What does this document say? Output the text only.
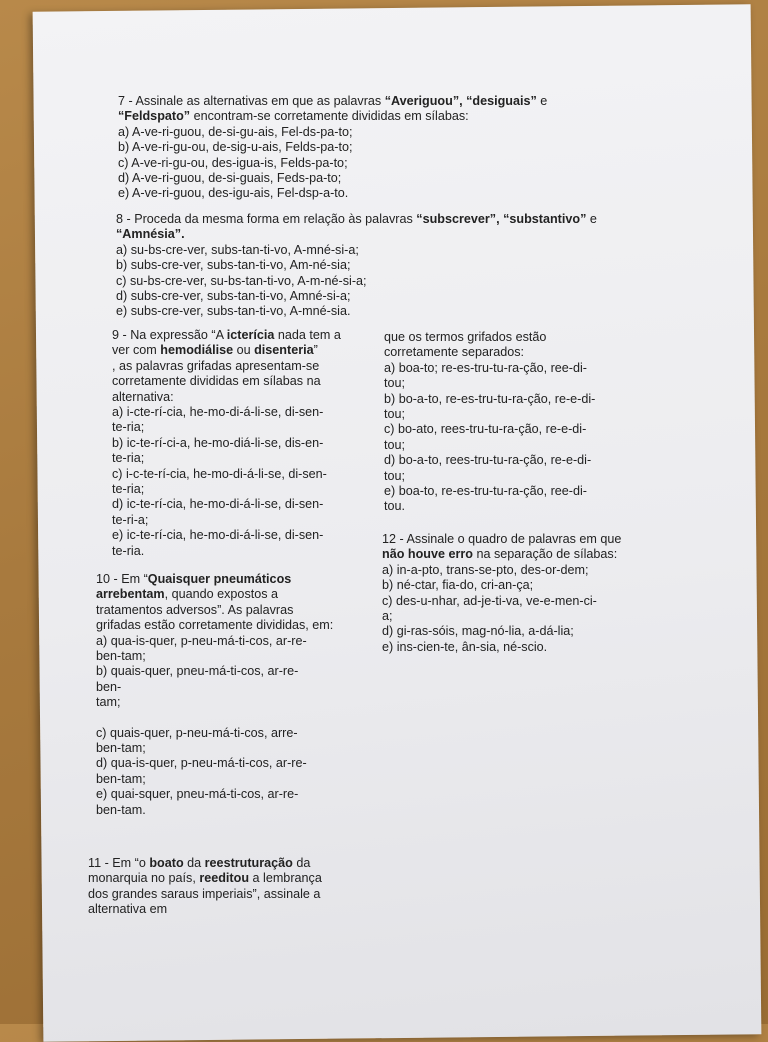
7 - Assinale as alternativas em que as palavras “Averiguou”, “desiguais” e “Feldspato” encontram-se corretamente divididas em sílabas:

a) A-ve-ri-guou, de-si-gu-ais, Fel-ds-pa-to;

b) A-ve-ri-gu-ou, de-sig-u-ais, Felds-pa-to;

c) A-ve-ri-gu-ou, des-igua-is, Felds-pa-to;

d) A-ve-ri-guou, de-si-guais, Feds-pa-to;

e) A-ve-ri-guou, des-igu-ais, Fel-dsp-a-to.

8 - Proceda da mesma forma em relação às palavras “subscrever”, “substantivo” e “Amnésia”.

a) su-bs-cre-ver, subs-tan-ti-vo, A-mné-si-a;

b) subs-cre-ver, subs-tan-ti-vo, Am-né-sia;

c) su-bs-cre-ver, su-bs-tan-ti-vo, A-m-né-si-a;

d) subs-cre-ver, subs-tan-ti-vo, Amné-si-a;

e) subs-cre-ver, subs-tan-ti-vo, A-mné-sia.

9 - Na expressão “A icterícia nada tem a ver com hemodiálise ou disenteria”
, as palavras grifadas apresentam-se corretamente divididas em sílabas na alternativa:

a) i-cte-rí-cia, he-mo-di-á-li-se, di-sen-
te-ria;

b) ic-te-rí-ci-a, he-mo-diá-li-se, dis-en-
te-ria;

c) i-c-te-rí-cia, he-mo-di-á-li-se, di-sen-
te-ria;

d) ic-te-rí-cia, he-mo-di-á-li-se, di-sen-
te-ri-a;

e) ic-te-rí-cia, he-mo-di-á-li-se, di-sen-
te-ria.

10 - Em “Quaisquer pneumáticos arrebentam, quando expostos a tratamentos adversos”. As palavras grifadas estão corretamente divididas, em:

a) qua-is-quer, p-neu-má-ti-cos, ar-re-
ben-tam;

b) quais-quer, pneu-má-ti-cos, ar-re-
ben-
tam;

c) quais-quer, p-neu-má-ti-cos, arre-
ben-tam;

d) qua-is-quer, p-neu-má-ti-cos, ar-re-
ben-tam;

e) quai-squer, pneu-má-ti-cos, ar-re-
ben-tam.

11 - Em “o boato da reestruturação da monarquia no país, reeditou a lembrança dos grandes saraus imperiais”, assinale a alternativa em

que os termos grifados estão corretamente separados:

a) boa-to; re-es-tru-tu-ra-ção, ree-di-
tou;

b) bo-a-to, re-es-tru-tu-ra-ção, re-e-di-
tou;

c) bo-ato, rees-tru-tu-ra-ção, re-e-di-
tou;

d) bo-a-to, rees-tru-tu-ra-ção, re-e-di-
tou;

e) boa-to, re-es-tru-tu-ra-ção, ree-di-
tou.

12 - Assinale o quadro de palavras em que não houve erro na separação de sílabas:

a) in-a-pto, trans-se-pto, des-or-dem;

b) né-ctar, fia-do, cri-an-ça;

c) des-u-nhar, ad-je-ti-va, ve-e-men-ci-
a;

d) gi-ras-sóis, mag-nó-lia, a-dá-lia;

e) ins-cien-te, ân-sia, né-scio.
